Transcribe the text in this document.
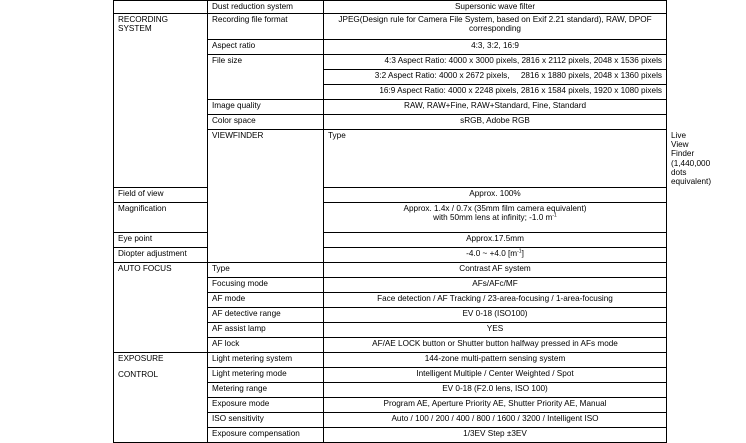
	Dust reduction system	Supersonic wave filter	

RECORDING
SYSTEM	Recording file format	JPEG(Design rule for Camera File System, based on Exif 2.21 standard), RAW, DPOF corresponding	
	Aspect ratio	4:3, 3:2, 16:9	
	File size	4:3 Aspect Ratio: 4000 x 3000 pixels, 2816 x 2112 pixels, 2048 x 1536 pixels	
		3:2 Aspect Ratio: 4000 x 2672 pixels,     2816 x 1880 pixels, 2048 x 1360 pixels	
		16:9 Aspect Ratio: 4000 x 2248 pixels, 2816 x 1584 pixels, 1920 x 1080 pixels	
	Image quality	RAW, RAW+Fine, RAW+Standard, Fine, Standard	
	Color space	sRGB, Adobe RGB	
	VIEWFINDER	Type	Live View Finder (1,440,000 dots equivalent)
Field of view		Approx. 100%	
Magnification		Approx. 1.4x / 0.7x (35mm film camera equivalent)
with 50mm lens at infinity; -1.0 $m^{-1}$
Eye point		Approx.17.5mm	
Diopter adjustment		-4.0 ~ +4.0 $[m^{-1}]$	
AUTO FOCUS	Type	Contrast AF system	
	Focusing mode	AFs/AFc/MF	
	AF mode	Face detection / AF Tracking / 23-area-focusing / 1-area-focusing	
	AF detective range	EV 0-18 (ISO100)	
	AF assist lamp	YES	
	AF lock	AF/AE LOCK button or Shutter button halfway pressed in AFs mode	

EXPOSURE
CONTROL	Light metering system	144-zone multi-pattern sensing system	
	Light metering mode	Intelligent Multiple / Center Weighted / Spot	
	Metering range	EV 0-18 (F2.0 lens, ISO 100)	
	Exposure mode	Program AE, Aperture Priority AE, Shutter Priority AE, Manual	
	ISO sensitivity	Auto / 100 / 200 / 400 / 800 / 1600 / 3200 / Intelligent ISO	
	Exposure compensation	1/3EV Step ±3EV	
